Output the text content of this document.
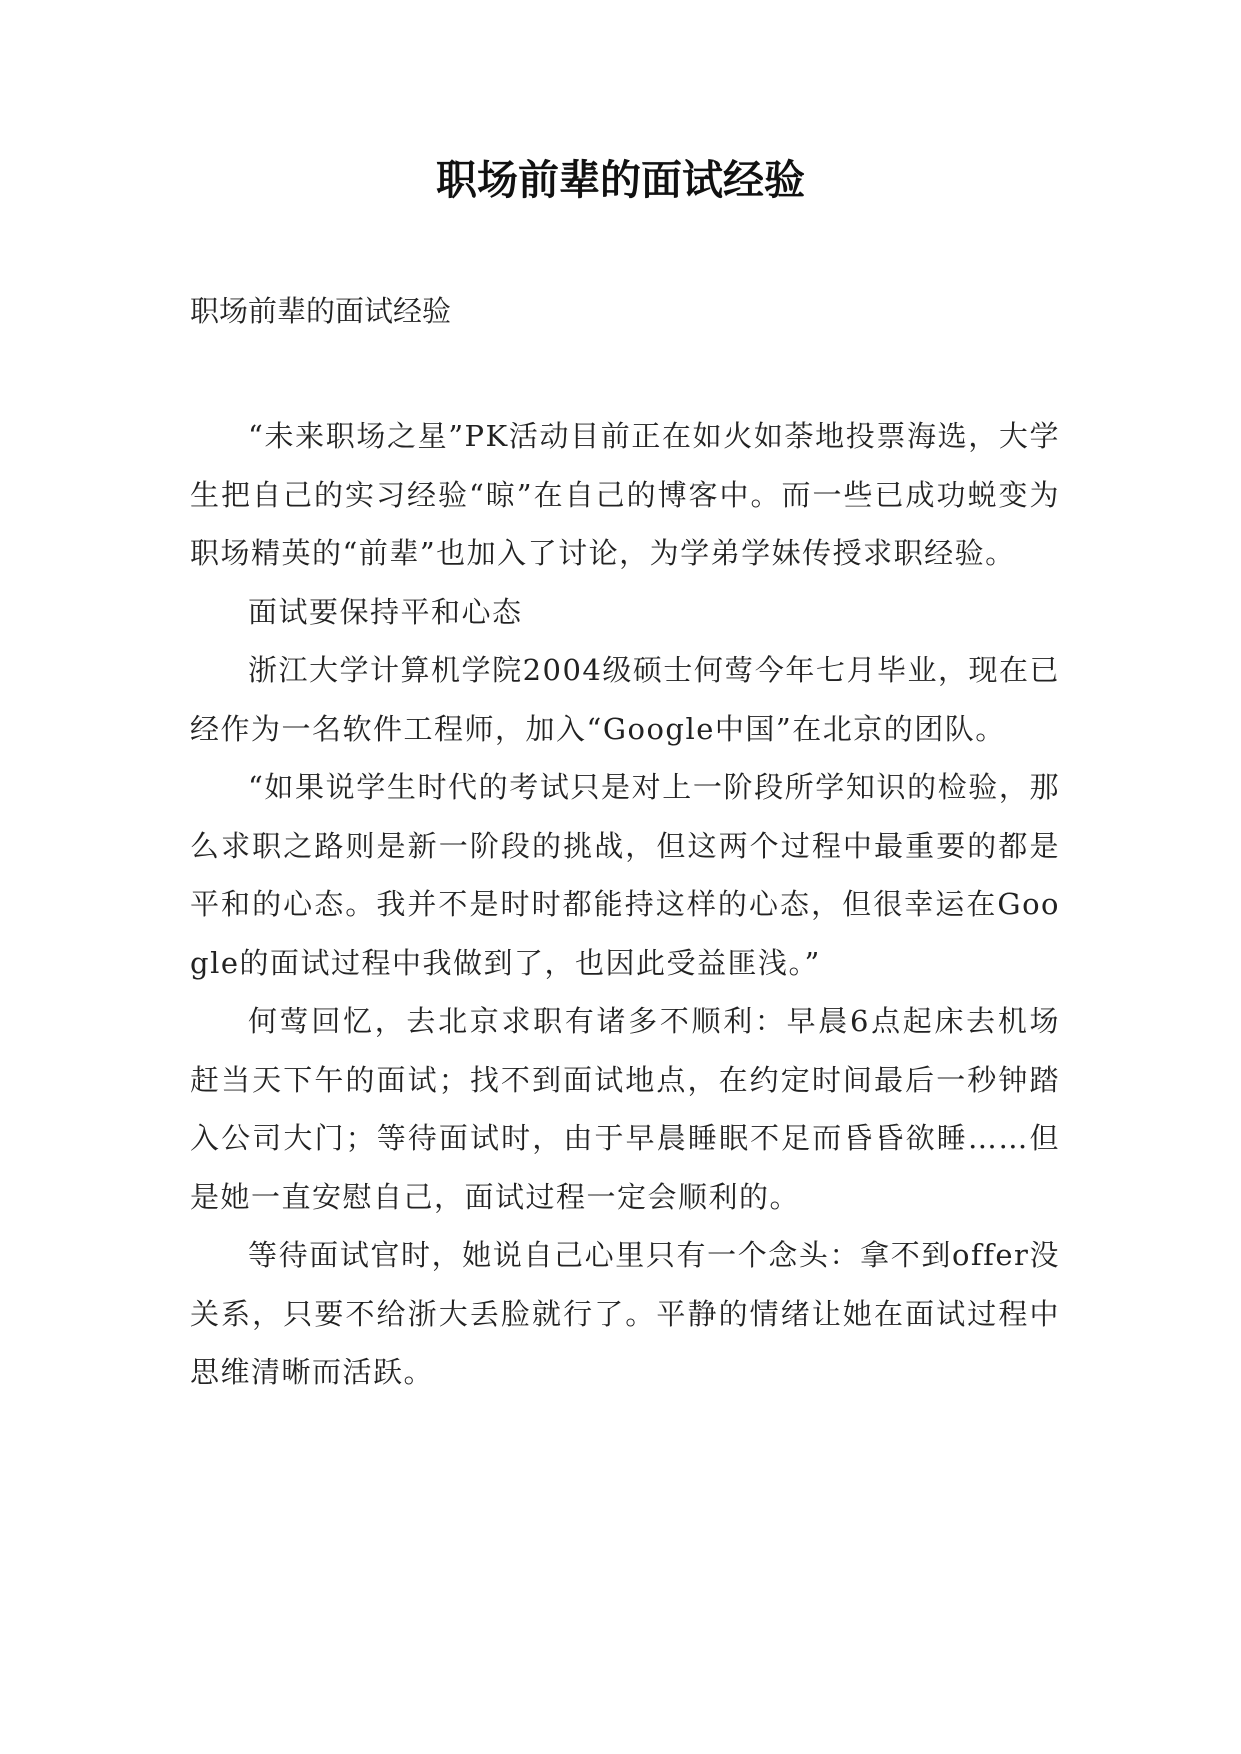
职场前辈的面试经验

职场前辈的面试经验

“未来职场之星”PK活动目前正在如火如荼地投票海选，大学生把自己的实习经验“晾”在自己的博客中。而一些已成功蜕变为职场精英的“前辈”也加入了讨论，为学弟学妹传授求职经验。

面试要保持平和心态

浙江大学计算机学院2004级硕士何莺今年七月毕业，现在已经作为一名软件工程师，加入“Google中国”在北京的团队。

“如果说学生时代的考试只是对上一阶段所学知识的检验，那么求职之路则是新一阶段的挑战，但这两个过程中最重要的都是平和的心态。我并不是时时都能持这样的心态，但很幸运在Google的面试过程中我做到了，也因此受益匪浅。”

何莺回忆，去北京求职有诸多不顺利：早晨6点起床去机场赶当天下午的面试；找不到面试地点，在约定时间最后一秒钟踏入公司大门；等待面试时，由于早晨睡眠不足而昏昏欲睡……但是她一直安慰自己，面试过程一定会顺利的。

等待面试官时，她说自己心里只有一个念头：拿不到offer没关系，只要不给浙大丢脸就行了。平静的情绪让她在面试过程中思维清晰而活跃。
